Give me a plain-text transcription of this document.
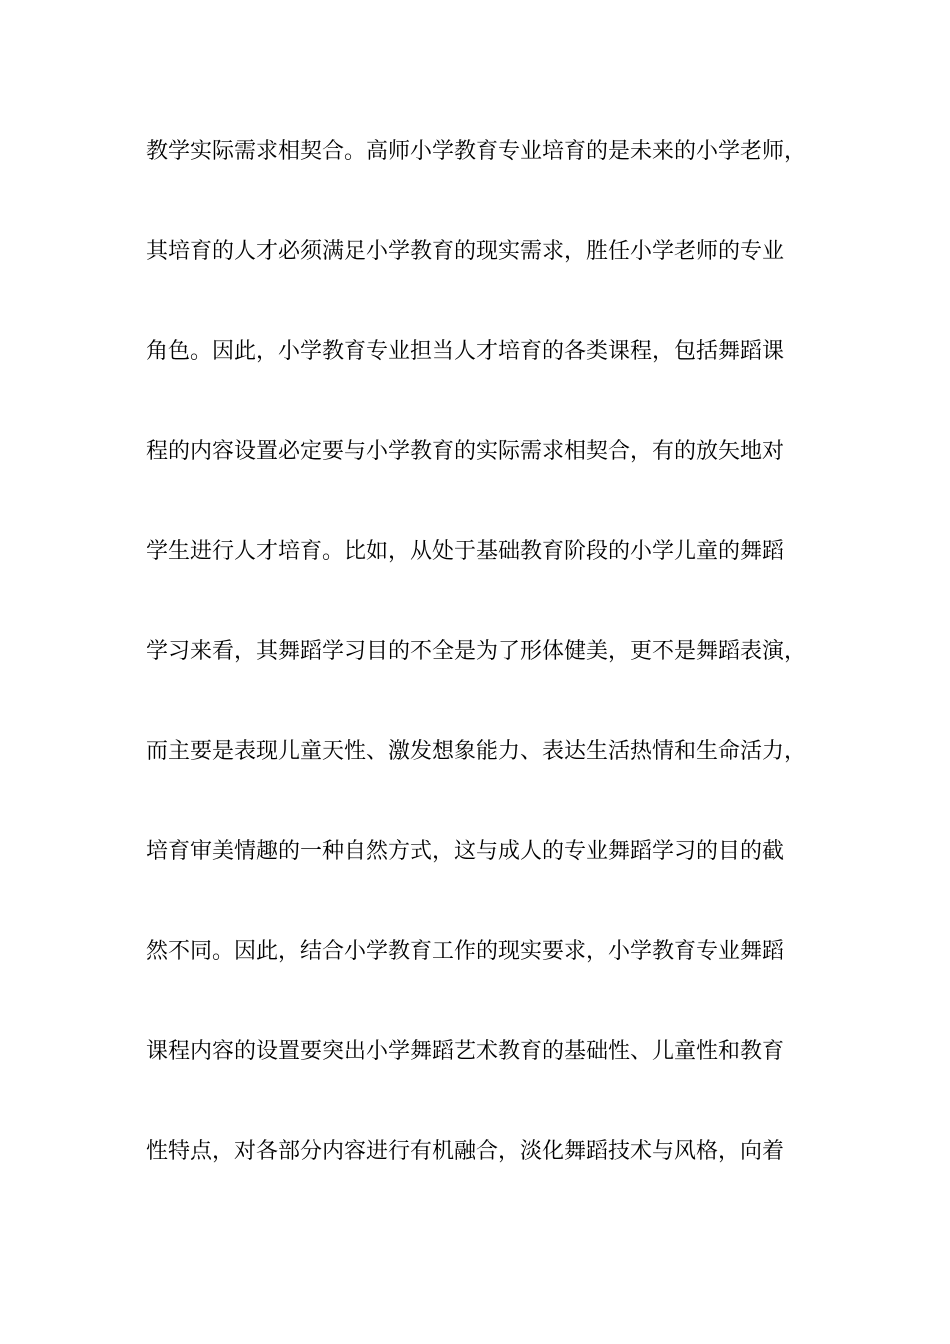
教学实际需求相契合。高师小学教育专业培育的是未来的小学老师，
其培育的人才必须满足小学教育的现实需求，胜任小学老师的专业
角色。因此，小学教育专业担当人才培育的各类课程，包括舞蹈课
程的内容设置必定要与小学教育的实际需求相契合，有的放矢地对
学生进行人才培育。比如，从处于基础教育阶段的小学儿童的舞蹈
学习来看，其舞蹈学习目的不全是为了形体健美，更不是舞蹈表演，
而主要是表现儿童天性、激发想象能力、表达生活热情和生命活力，
培育审美情趣的一种自然方式，这与成人的专业舞蹈学习的目的截
然不同。因此，结合小学教育工作的现实要求，小学教育专业舞蹈
课程内容的设置要突出小学舞蹈艺术教育的基础性、儿童性和教育
性特点，对各部分内容进行有机融合，淡化舞蹈技术与风格，向着
